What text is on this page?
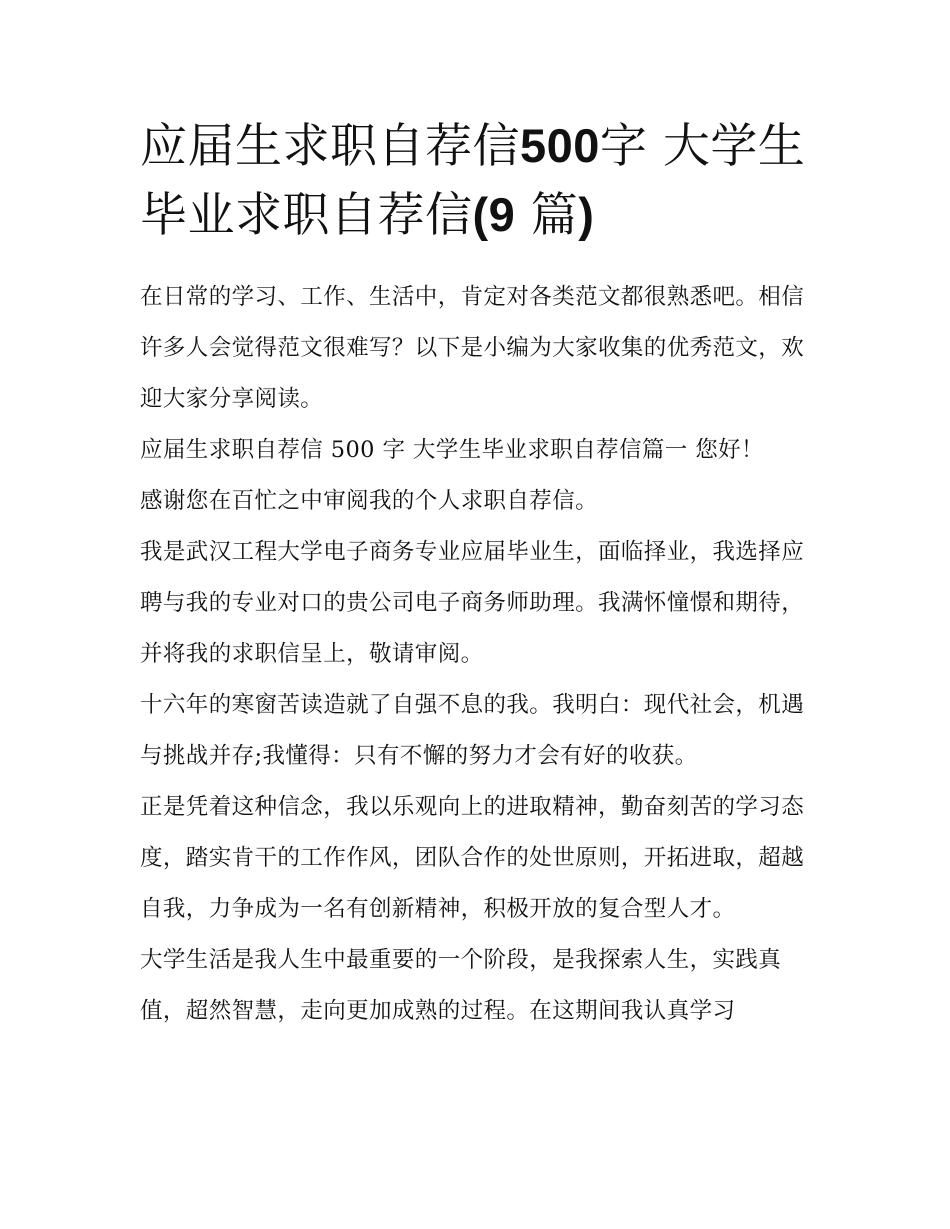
应届生求职自荐信500字 大学生毕业求职自荐信(9 篇)

在日常的学习、工作、生活中，肯定对各类范文都很熟悉吧。相信许多人会觉得范文很难写？以下是小编为大家收集的优秀范文，欢迎大家分享阅读。

应届生求职自荐信 500 字 大学生毕业求职自荐信篇一 您好！

感谢您在百忙之中审阅我的个人求职自荐信。

我是武汉工程大学电子商务专业应届毕业生，面临择业，我选择应聘与我的专业对口的贵公司电子商务师助理。我满怀憧憬和期待，并将我的求职信呈上，敬请审阅。

十六年的寒窗苦读造就了自强不息的我。我明白：现代社会，机遇与挑战并存;我懂得：只有不懈的努力才会有好的收获。

正是凭着这种信念，我以乐观向上的进取精神，勤奋刻苦的学习态度，踏实肯干的工作作风，团队合作的处世原则，开拓进取，超越自我，力争成为一名有创新精神，积极开放的复合型人才。

大学生活是我人生中最重要的一个阶段，是我探索人生，实践真值，超然智慧，走向更加成熟的过程。在这期间我认真学习
